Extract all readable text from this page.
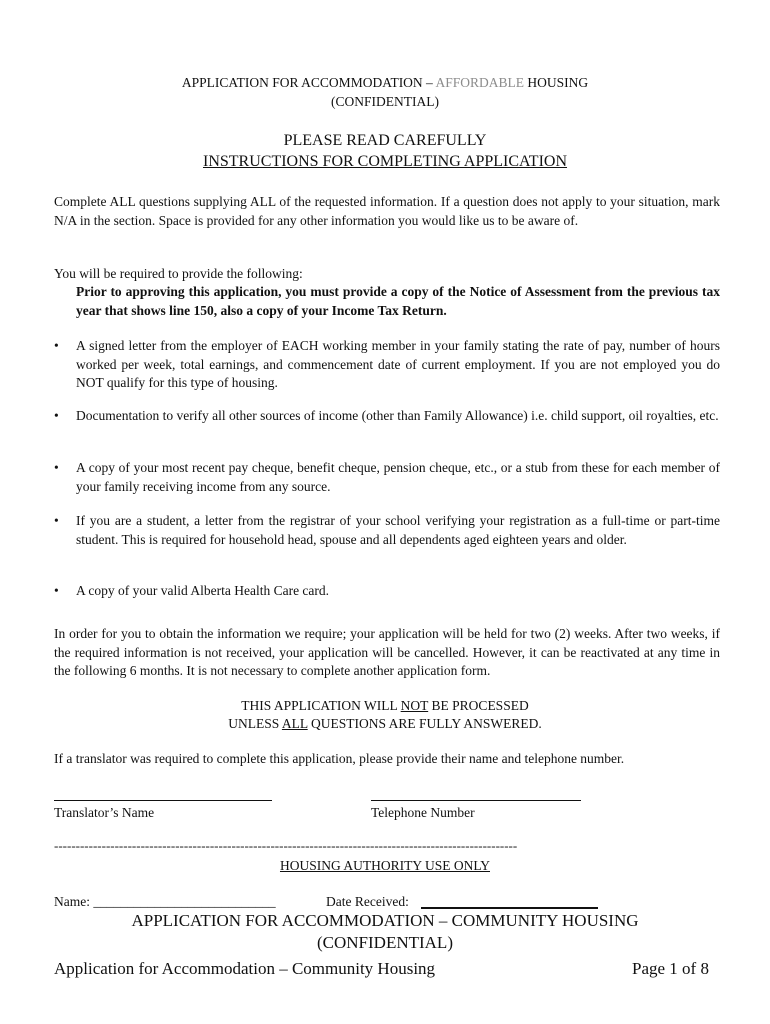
APPLICATION FOR ACCOMMODATION – AFFORDABLE HOUSING
(CONFIDENTIAL)
PLEASE READ CAREFULLY
INSTRUCTIONS FOR COMPLETING APPLICATION
Complete ALL questions supplying ALL of the requested information. If a question does not apply to your situation, mark N/A in the section. Space is provided for any other information you would like us to be aware of.
You will be required to provide the following:
Prior to approving this application, you must provide a copy of the Notice of Assessment from the previous tax year that shows line 150, also a copy of your Income Tax Return.
•	A signed letter from the employer of EACH working member in your family stating the rate of pay, number of hours worked per week, total earnings, and commencement date of current employment. If you are not employed you do NOT qualify for this type of housing.
•	Documentation to verify all other sources of income (other than Family Allowance) i.e. child support, oil royalties, etc.
•	A copy of your most recent pay cheque, benefit cheque, pension cheque, etc., or a stub from these for each member of your family receiving income from any source.
•	If you are a student, a letter from the registrar of your school verifying your registration as a full-time or part-time student. This is required for household head, spouse and all dependents aged eighteen years and older.
•	A copy of your valid Alberta Health Care card.
In order for you to obtain the information we require; your application will be held for two (2) weeks. After two weeks, if the required information is not received, your application will be cancelled. However, it can be reactivated at any time in the following 6 months. It is not necessary to complete another application form.
THIS APPLICATION WILL NOT BE PROCESSED
UNLESS ALL QUESTIONS ARE FULLY ANSWERED.
If a translator was required to complete this application, please provide their name and telephone number.
Translator’s Name	Telephone Number
-----------------------------------------------------------------------------------------------------------
HOUSING AUTHORITY USE ONLY
Name: ___________________________	Date Received:
APPLICATION FOR ACCOMMODATION – COMMUNITY HOUSING
(CONFIDENTIAL)
Application for Accommodation – Community Housing	Page 1 of 8
